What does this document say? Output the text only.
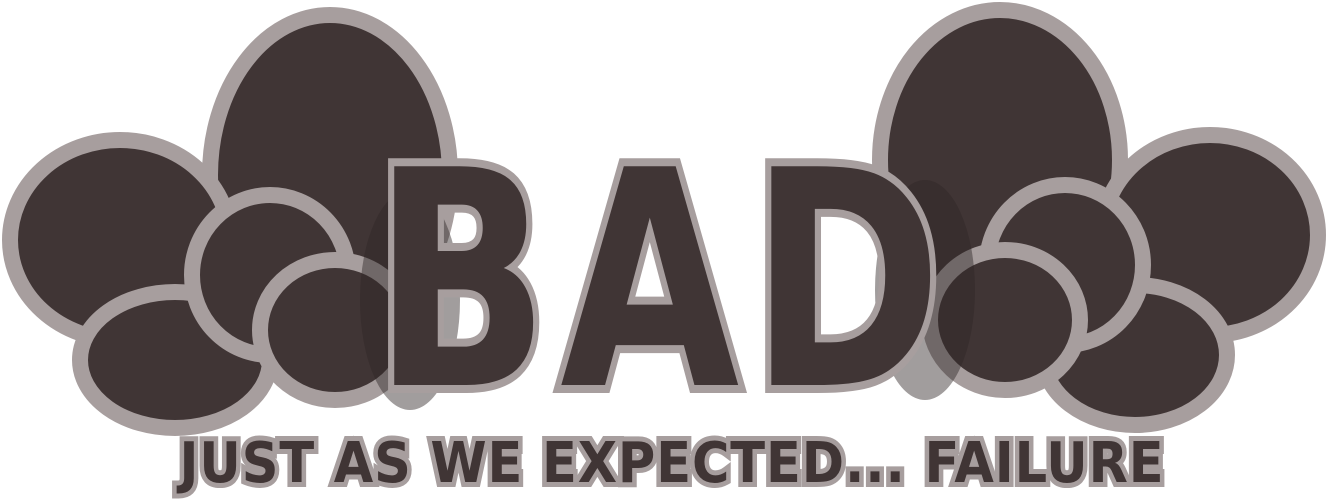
BAD
JUST AS WE EXPECTED... FAILURE
